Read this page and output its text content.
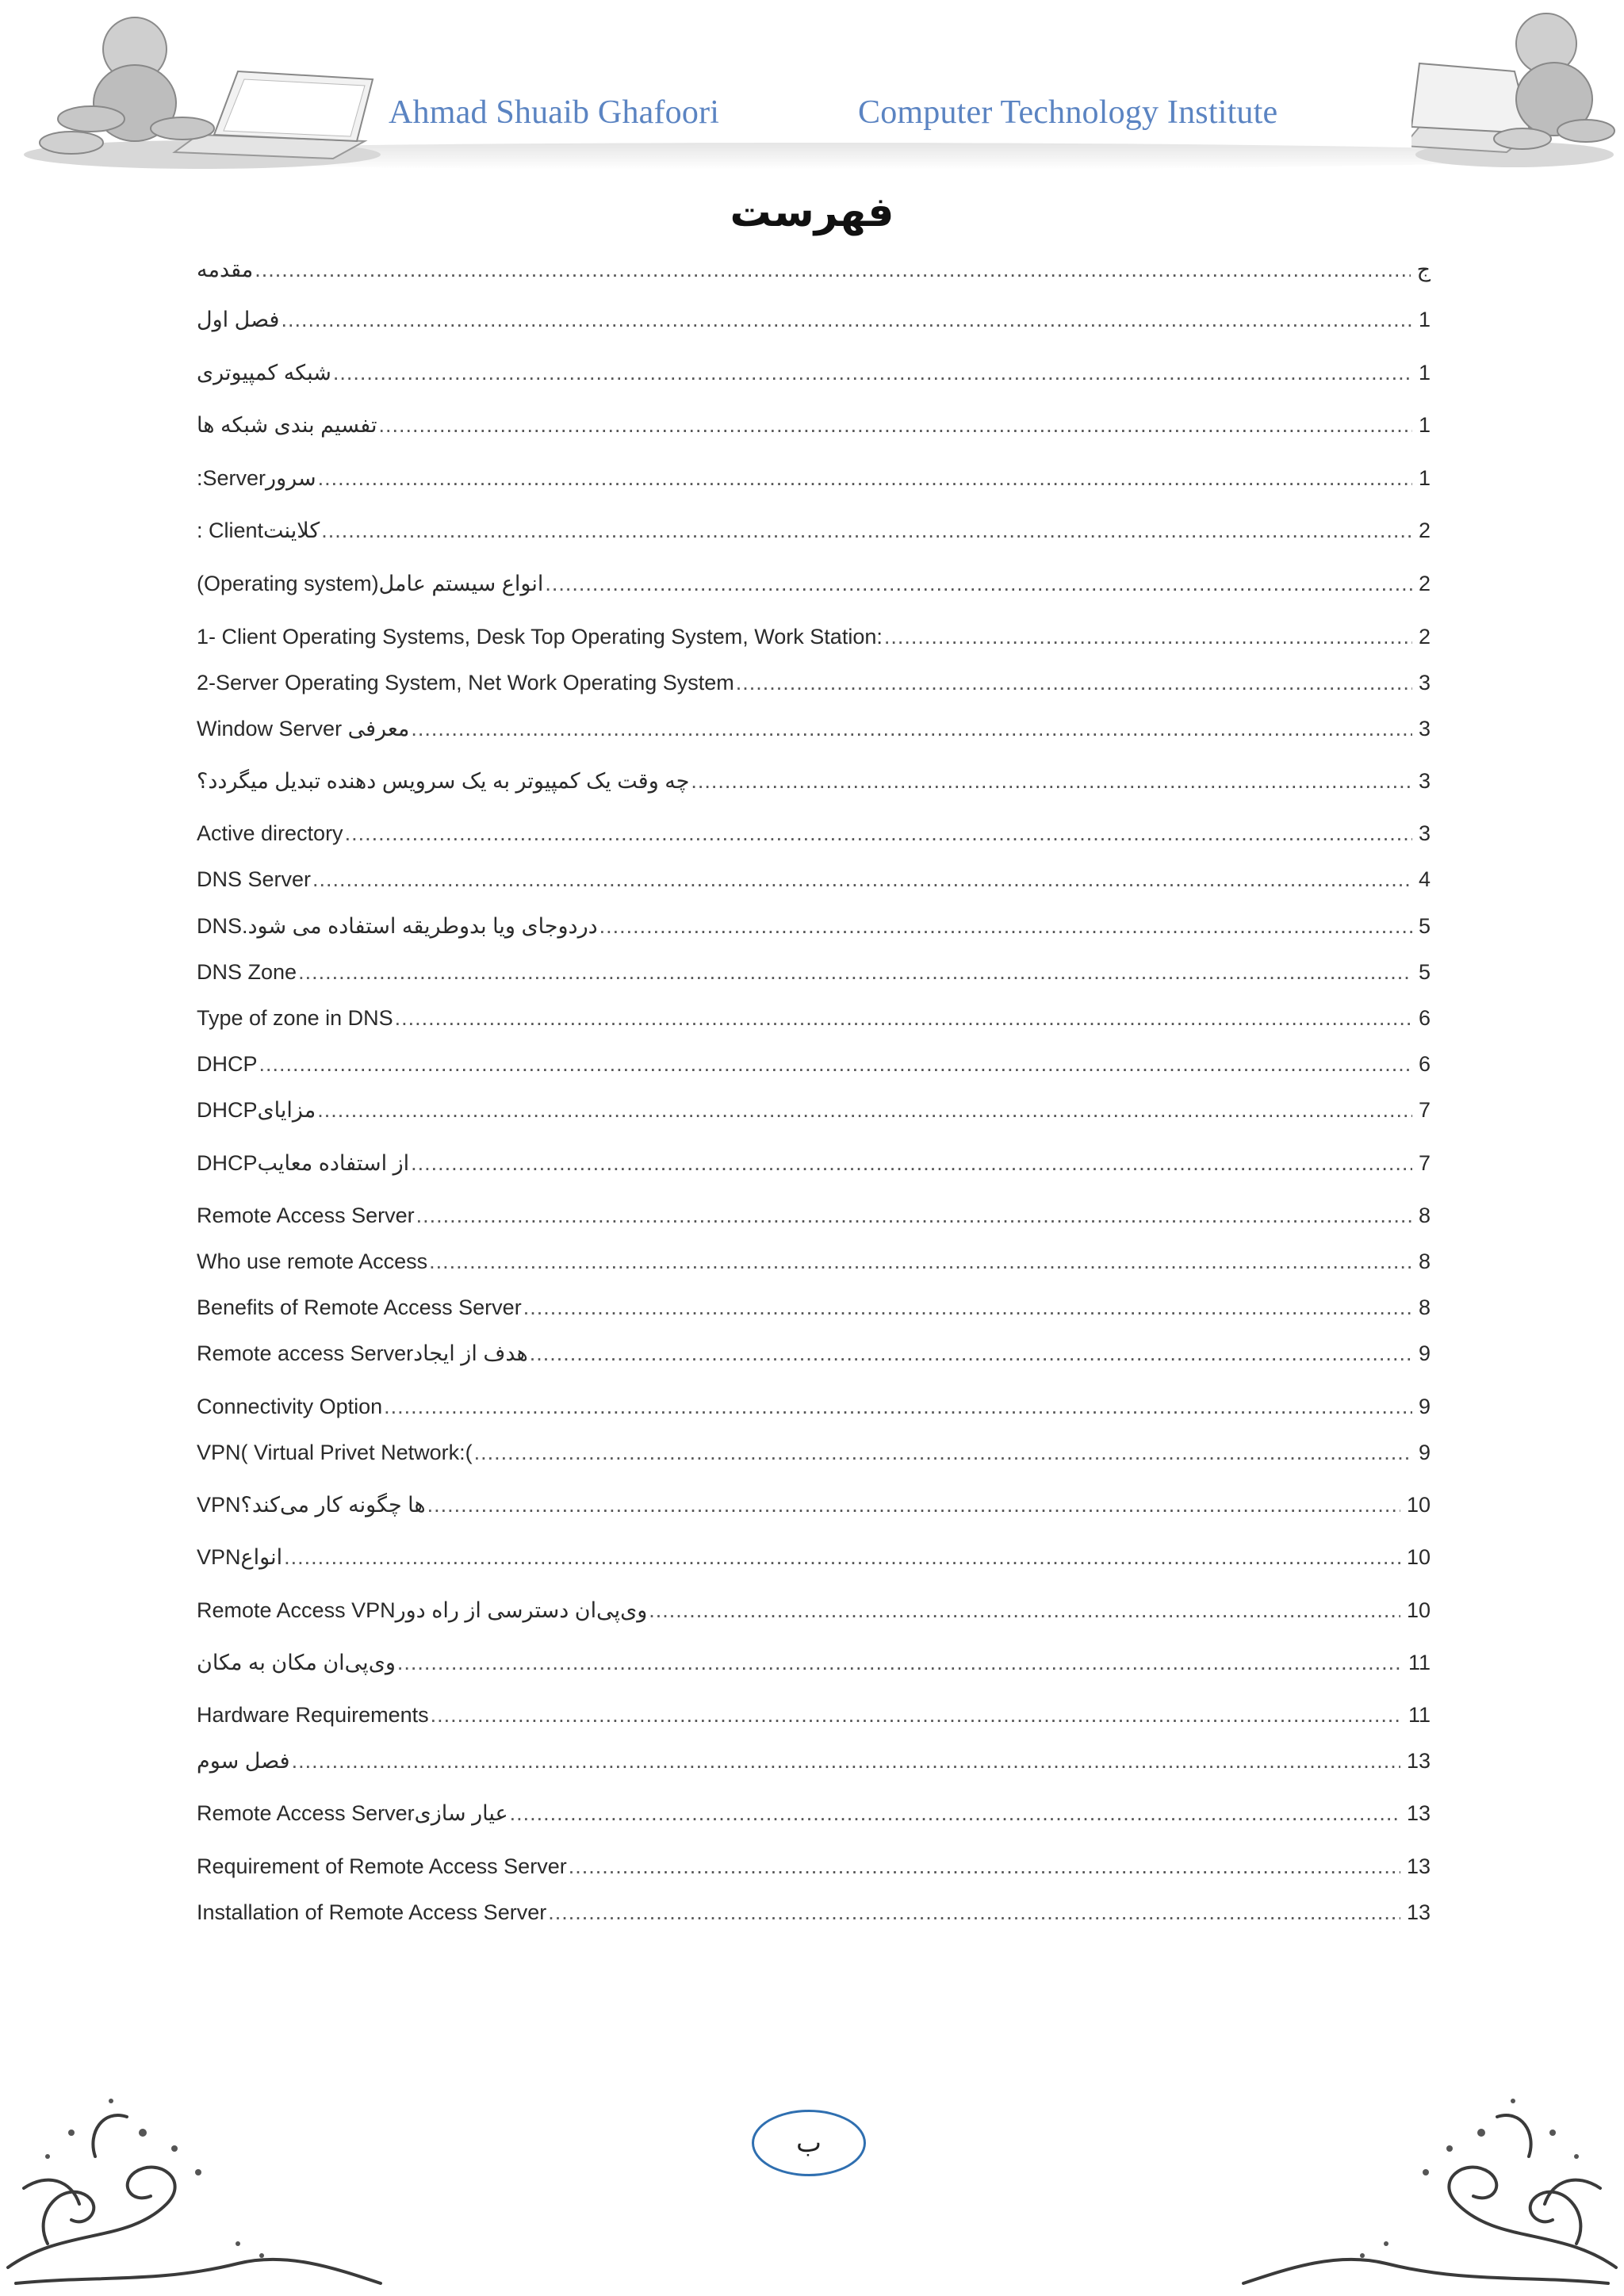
Ahmad Shuaib Ghafoori	Computer Technology Institute
فهرست
مقدمه .....	ج
فصل اول .....	1
شبکه کمپیوتری .....	1
تفسیم بندی شبکه ها .....	1
سرورServer: .....	1
کلاینتClient : .....	2
(Operating system)انواع سیستم عامل .....	2
1- Client Operating Systems, Desk Top Operating System, Work Station: .....	2
2-Server Operating System, Net Work Operating System .....	3
Window Server معرفی .....	3
چه وقت یک کمپیوتر به یک سرویس دهنده تبدیل میگردد؟ .....	3
Active directory .....	3
DNS Server .....	4
DNS.دردوجای ویا بدوطریقه استفاده می شود .....	5
DNS Zone .....	5
Type of zone in DNS .....	6
DHCP .....	6
مزایایDHCP .....	7
از استفاده معایبDHCP .....	7
Remote Access Server .....	8
Who use remote Access .....	8
Benefits of Remote Access Server .....	8
هدف از ایجادRemote access Server .....	9
Connectivity Option .....	9
VPN( Virtual Privet Network:( .....	9
VPNها چگونه کار می‌کند؟ .....	10
انواعVPN .....	10
وی‌پی‌ان دسترسی از راه دورRemote Access VPN .....	10
وی‌پی‌ان مکان به مکان .....	11
Hardware Requirements .....	11
فصل سوم .....	13
عیار سازیRemote Access Server .....	13
Requirement of Remote Access Server .....	13
Installation of Remote Access Server .....	13
ب
